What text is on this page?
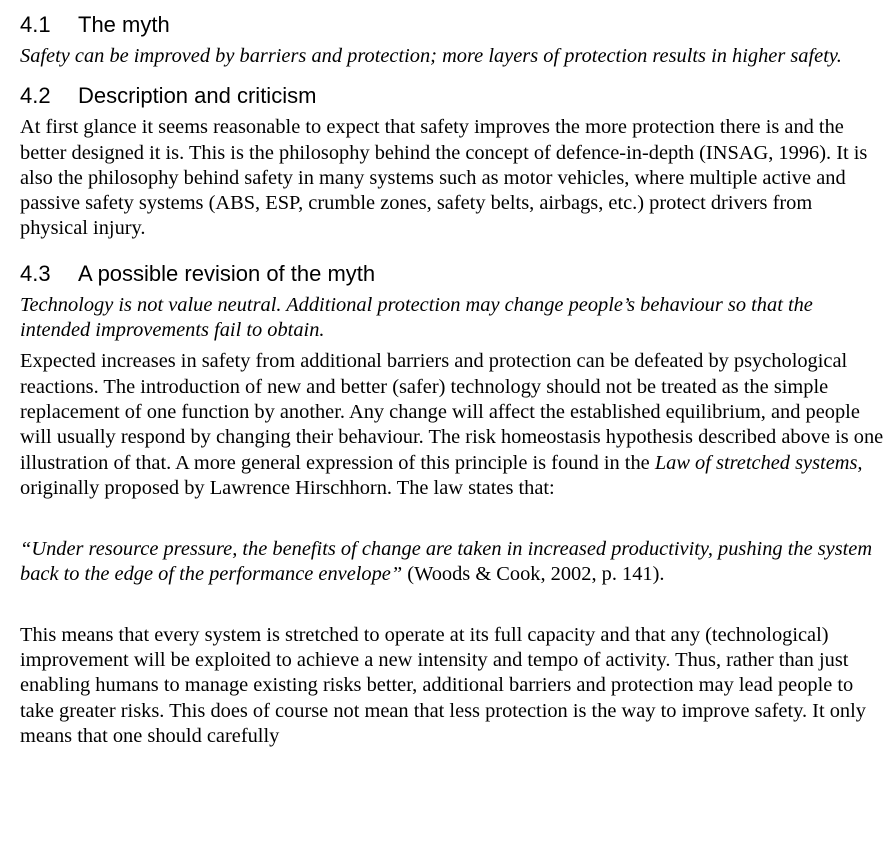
4.1 The myth

Safety can be improved by barriers and protection; more layers of protection results in higher safety.

4.2 Description and criticism

At first glance it seems reasonable to expect that safety improves the more protection there is and the better designed it is. This is the philosophy behind the concept of defence-in-depth (INSAG, 1996). It is also the philosophy behind safety in many systems such as motor vehicles, where multiple active and passive safety systems (ABS, ESP, crumble zones, safety belts, airbags, etc.) protect drivers from physical injury.

4.3 A possible revision of the myth

Technology is not value neutral. Additional protection may change people’s behaviour so that the intended improvements fail to obtain.

Expected increases in safety from additional barriers and protection can be defeated by psychological reactions. The introduction of new and better (safer) technology should not be treated as the simple replacement of one function by another. Any change will affect the established equilibrium, and people will usually respond by changing their behaviour. The risk homeostasis hypothesis described above is one illustration of that. A more general expression of this principle is found in the Law of stretched systems, originally proposed by Lawrence Hirschhorn. The law states that:

“Under resource pressure, the benefits of change are taken in increased productivity, pushing the system back to the edge of the performance envelope” (Woods & Cook, 2002, p. 141).

This means that every system is stretched to operate at its full capacity and that any (technological) improvement will be exploited to achieve a new intensity and tempo of activity. Thus, rather than just enabling humans to manage existing risks better, additional barriers and protection may lead people to take greater risks. This does of course not mean that less protection is the way to improve safety. It only means that one should carefully
